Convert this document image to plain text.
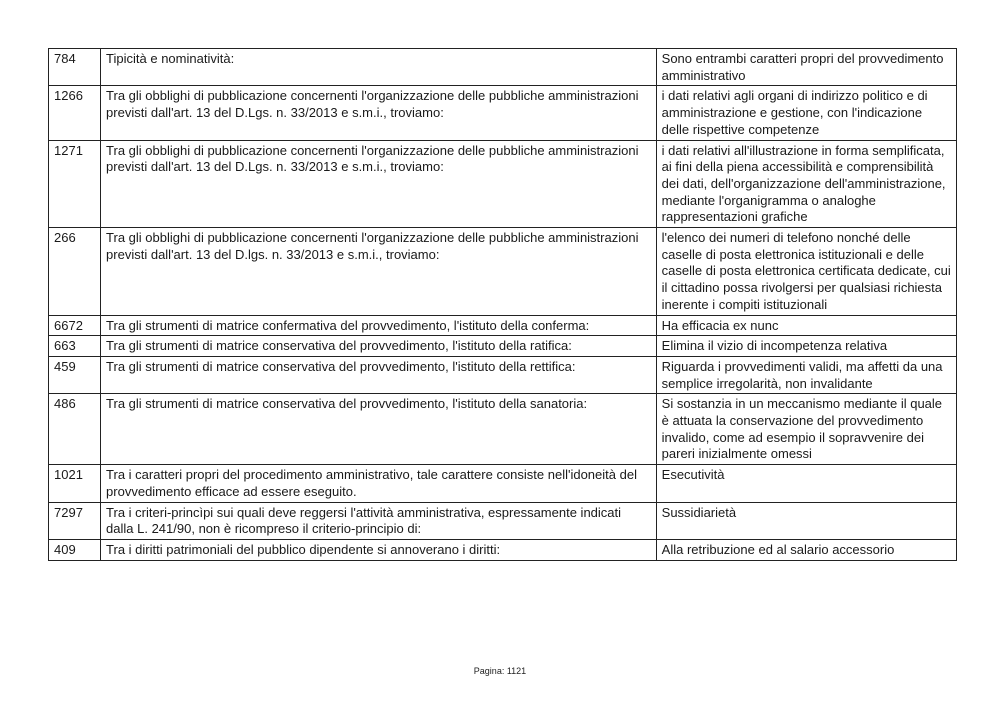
784	Tipicità e nominatività:	Sono entrambi caratteri propri del provvedimento amministrativo
1266	Tra gli obblighi di pubblicazione concernenti l'organizzazione delle pubbliche amministrazioni previsti dall'art. 13 del D.Lgs. n. 33/2013 e s.m.i., troviamo:	i dati relativi agli organi di indirizzo politico e di amministrazione e gestione, con l'indicazione delle rispettive competenze
1271	Tra gli obblighi di pubblicazione concernenti l'organizzazione delle pubbliche amministrazioni previsti dall'art. 13 del D.Lgs. n. 33/2013 e s.m.i., troviamo:	i dati relativi all'illustrazione in forma semplificata, ai fini della piena accessibilità e comprensibilità dei dati, dell'organizzazione dell'amministrazione, mediante l'organigramma o analoghe rappresentazioni grafiche
266	Tra gli obblighi di pubblicazione concernenti l'organizzazione delle pubbliche amministrazioni previsti dall'art. 13 del D.lgs. n. 33/2013 e s.m.i., troviamo:	l'elenco dei numeri di telefono nonché delle caselle di posta elettronica istituzionali e delle caselle di posta elettronica certificata dedicate, cui il cittadino possa rivolgersi per qualsiasi richiesta inerente i compiti istituzionali
6672	Tra gli strumenti di matrice confermativa del provvedimento, l'istituto della conferma:	Ha efficacia ex nunc
663	Tra gli strumenti di matrice conservativa del provvedimento, l'istituto della ratifica:	Elimina il vizio di incompetenza relativa
459	Tra gli strumenti di matrice conservativa del provvedimento, l'istituto della rettifica:	Riguarda i provvedimenti validi, ma affetti da una semplice irregolarità, non invalidante
486	Tra gli strumenti di matrice conservativa del provvedimento, l'istituto della sanatoria:	Si sostanzia in un meccanismo mediante il quale è attuata la conservazione del provvedimento invalido, come ad esempio il sopravvenire dei pareri inizialmente omessi
1021	Tra i caratteri propri del procedimento amministrativo, tale carattere consiste nell'idoneità del provvedimento efficace ad essere eseguito.	Esecutività
7297	Tra i criteri-princìpi sui quali deve reggersi l'attività amministrativa, espressamente indicati dalla L. 241/90, non è ricompreso il criterio-principio di:	Sussidiarietà
409	Tra i diritti patrimoniali del pubblico dipendente si annoverano i diritti:	Alla retribuzione ed al salario accessorio
Pagina: 1121
